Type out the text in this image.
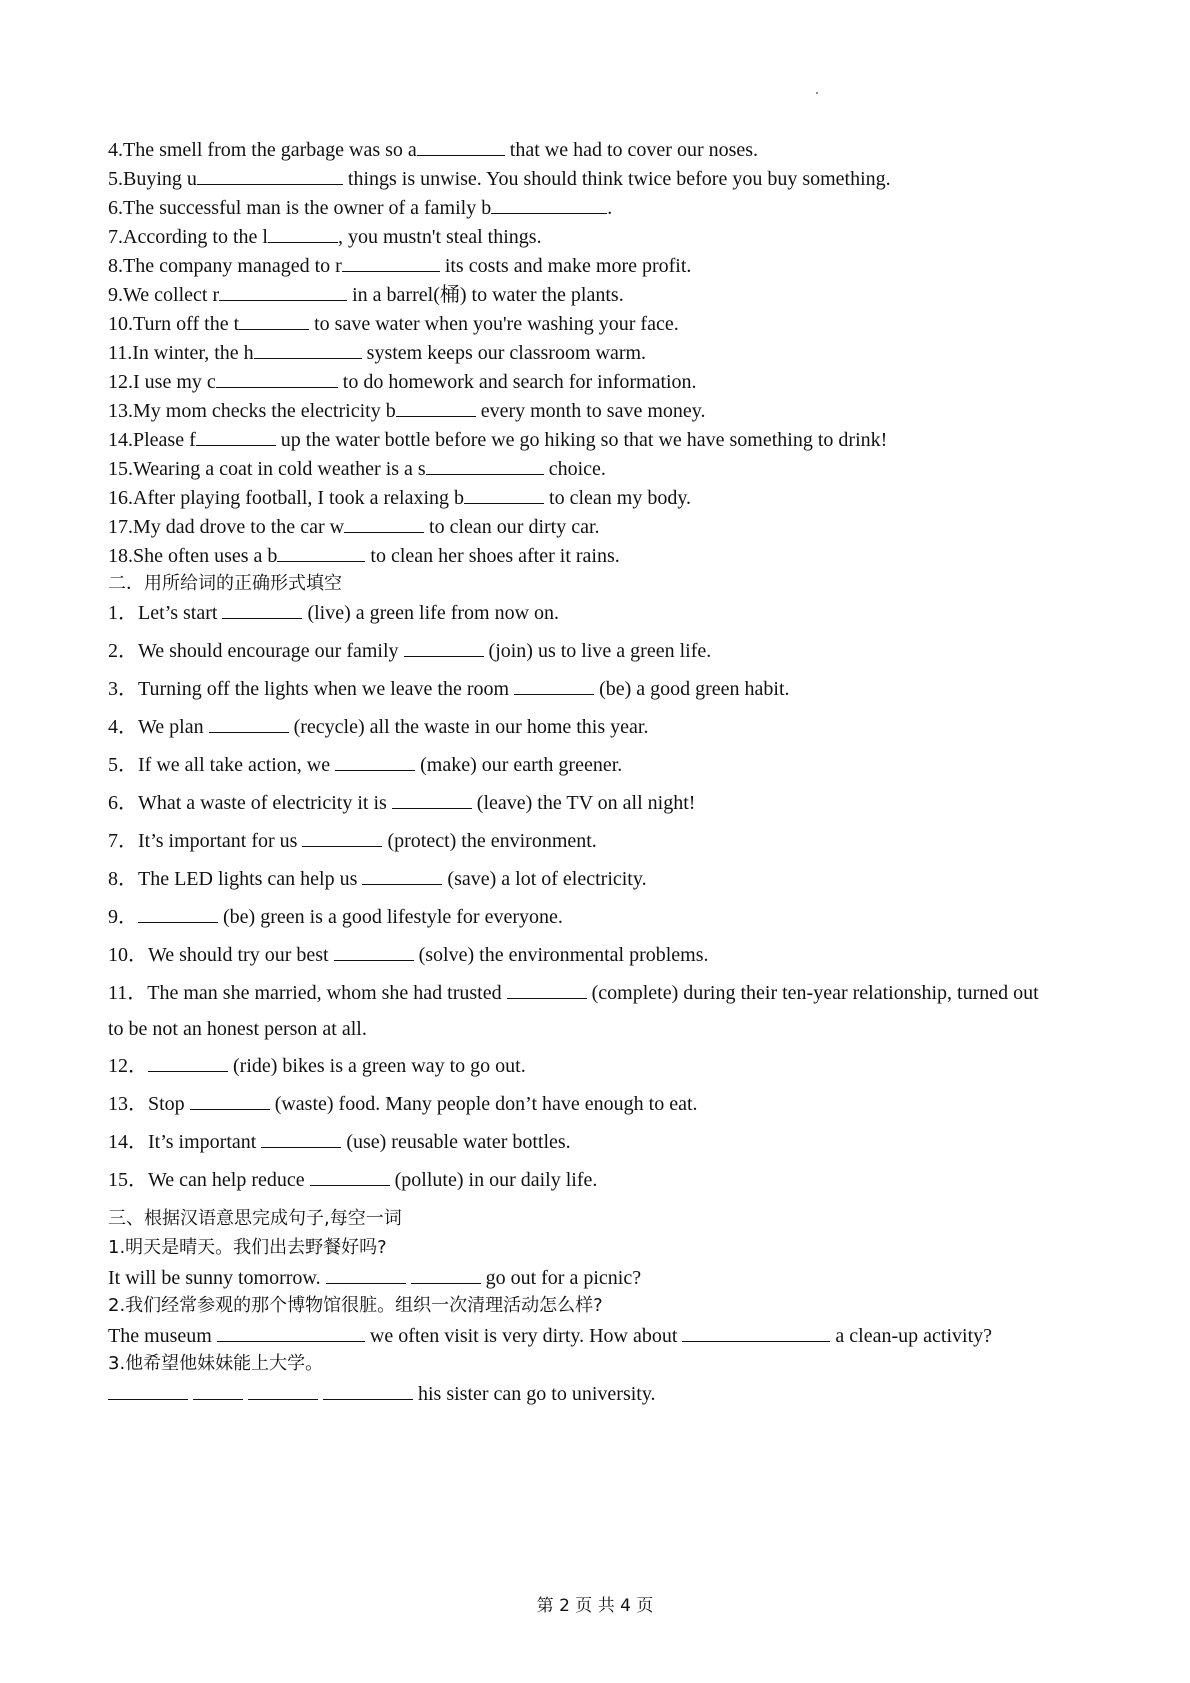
4.The smell from the garbage was so a	that we had to cover our noses.
5.Buying u	things is unwise. You should think twice before you buy something.
6.The successful man is the owner of a family b	.
7.According to the l	, you mustn't steal things.
8.The company managed to r	its costs and make more profit.
9.We collect r	in a barrel(桶) to water the plants.
10.Turn off the t	to save water when you're washing your face.
11.In winter, the h	system keeps our classroom warm.
12.I use my c	to do homework and search for information.
13.My mom checks the electricity b	every month to save money.
14.Please f	up the water bottle before we go hiking so that we have something to drink!
15.Wearing a coat in cold weather is a s	choice.
16.After playing football, I took a relaxing b	to clean my body.
17.My dad drove to the car w	to clean our dirty car.
18.She often uses a b	to clean her shoes after it rains.
二．用所给词的正确形式填空
1．Let’s start	(live) a green life from now on.
2．We should encourage our family	(join) us to live a green life.
3．Turning off the lights when we leave the room	(be) a good green habit.
4．We plan	(recycle) all the waste in our home this year.
5．If we all take action, we	(make) our earth greener.
6．What a waste of electricity it is	(leave) the TV on all night!
7．It’s important for us	(protect) the environment.
8．The LED lights can help us	(save) a lot of electricity.
9．	(be) green is a good lifestyle for everyone.
10．We should try our best	(solve) the environmental problems.
11．The man she married, whom she had trusted	(complete) during their ten-year relationship, turned out
to be not an honest person at all.
12．	(ride) bikes is a green way to go out.
13．Stop	(waste) food. Many people don’t have enough to eat.
14．It’s important	(use) reusable water bottles.
15．We can help reduce	(pollute) in our daily life.
三、根据汉语意思完成句子,每空一词
1.明天是晴天。我们出去野餐好吗?
It will be sunny tomorrow.	go out for a picnic?
2.我们经常参观的那个博物馆很脏。组织一次清理活动怎么样?
The museum	we often visit is very dirty. How about	a clean-up activity?
3.他希望他妹妹能上大学。
his sister can go to university.
第 2 页 共 4 页
